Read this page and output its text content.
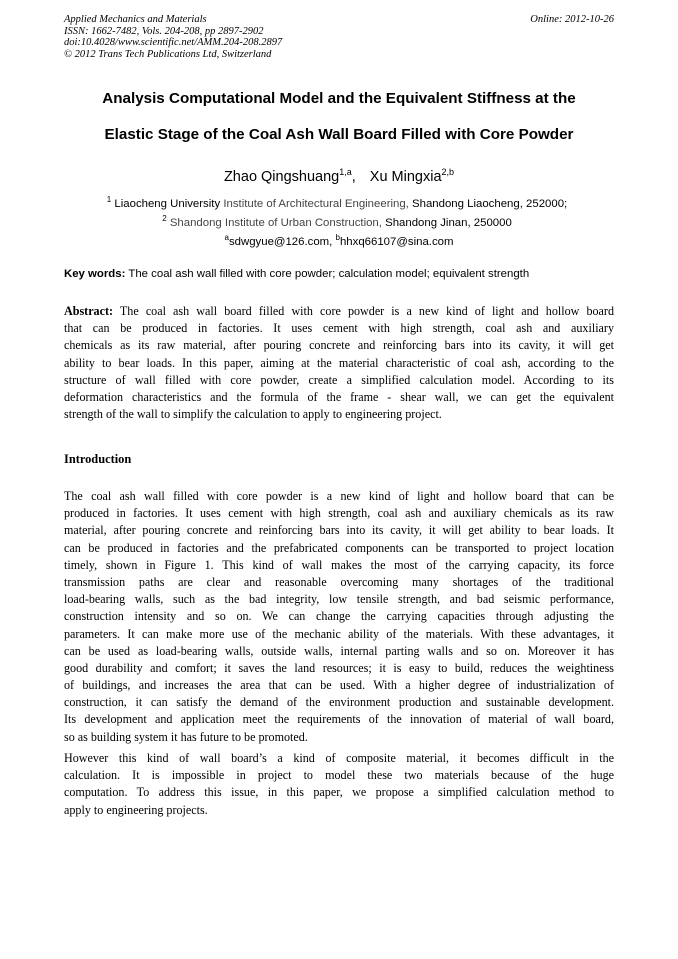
Applied Mechanics and Materials
ISSN: 1662-7482, Vols. 204-208, pp 2897-2902
doi:10.4028/www.scientific.net/AMM.204-208.2897
© 2012 Trans Tech Publications Ltd, Switzerland
Online: 2012-10-26
Analysis Computational Model and the Equivalent Stiffness at the
Elastic Stage of the Coal Ash Wall Board Filled with Core Powder
Zhao Qingshuang$^{1,a}$, Xu Mingxia$^{2,b}$
$^1$ Liaocheng University Institute of Architectural Engineering, Shandong Liaocheng, 252000;
$^2$ Shandong Institute of Urban Construction, Shandong Jinan, 250000
$^a$sdwgyue@126.com, $^b$hhxq66107@sina.com
Key words: The coal ash wall filled with core powder; calculation model; equivalent strength
Abstract: The coal ash wall board filled with core powder is a new kind of light and hollow board
that can be produced in factories. It uses cement with high strength, coal ash and auxiliary
chemicals as its raw material, after pouring concrete and reinforcing bars into its cavity, it will get
ability to bear loads. In this paper, aiming at the material characteristic of coal ash, according to the
structure of wall filled with core powder, create a simplified calculation model. According to its
deformation characteristics and the formula of the frame - shear wall, we can get the equivalent
strength of the wall to simplify the calculation to apply to engineering project.
Introduction
The coal ash wall filled with core powder is a new kind of light and hollow board that can be
produced in factories. It uses cement with high strength, coal ash and auxiliary chemicals as its raw
material, after pouring concrete and reinforcing bars into its cavity, it will get ability to bear loads. It
can be produced in factories and the prefabricated components can be transported to project location
timely, shown in Figure 1. This kind of wall makes the most of the carrying capacity, its force
transmission paths are clear and reasonable overcoming many shortages of the traditional
load-bearing walls, such as the bad integrity, low tensile strength, and bad seismic performance,
construction intensity and so on. We can change the carrying capacities through adjusting the
parameters. It can make more use of the mechanic ability of the materials. With these advantages, it
can be used as load-bearing walls, outside walls, internal parting walls and so on. Moreover it has
good durability and comfort; it saves the land resources; it is easy to build, reduces the weightiness
of buildings, and increases the area that can be used. With a higher degree of industrialization of
construction, it can satisfy the demand of the environment production and sustainable development.
Its development and application meet the requirements of the innovation of material of wall board,
so as building system it has future to be promoted.
However this kind of wall board’s a kind of composite material, it becomes difficult in the
calculation. It is impossible in project to model these two materials because of the huge
computation. To address this issue, in this paper, we propose a simplified calculation method to
apply to engineering projects.
